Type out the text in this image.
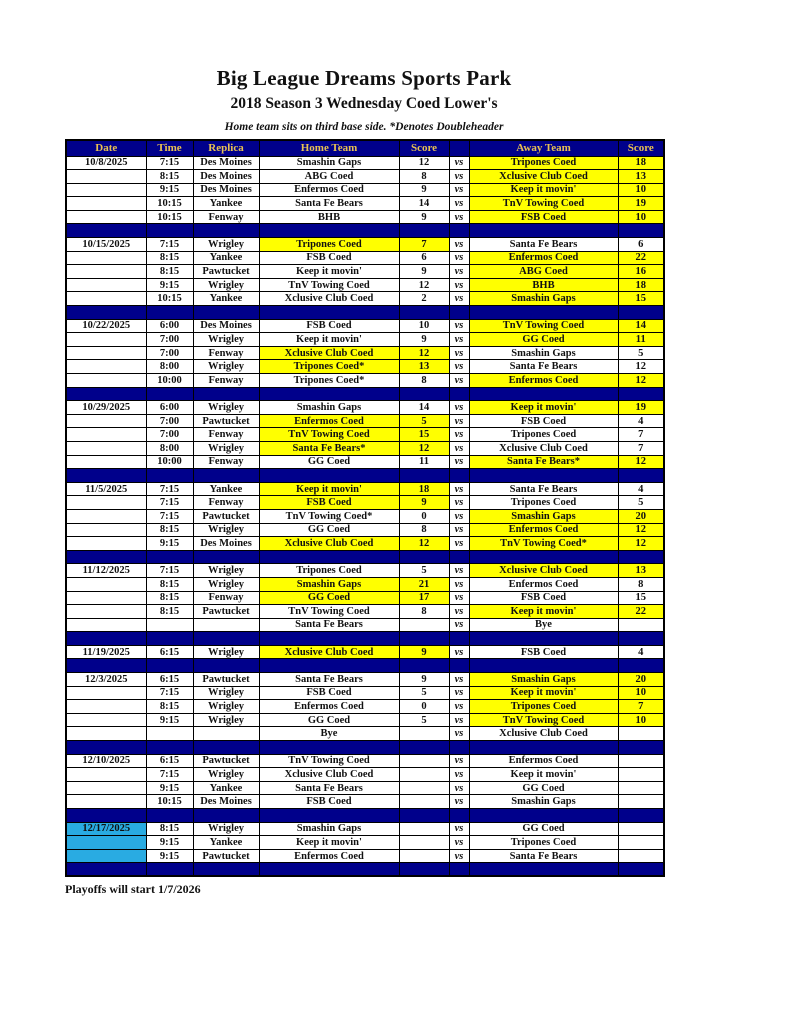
Big League Dreams Sports Park
2018 Season 3 Wednesday Coed Lower's
Home team sits on third base side. *Denotes Doubleheader
Date	Time	Replica	Home Team	Score		Away Team	Score
10/8/2025	7:15	Des Moines	Smashin Gaps	12	vs	Tripones Coed	18
	8:15	Des Moines	ABG Coed	8	vs	Xclusive Club Coed	13
	9:15	Des Moines	Enfermos Coed	9	vs	Keep it movin'	10
	10:15	Yankee	Santa Fe Bears	14	vs	TnV Towing Coed	19
	10:15	Fenway	BHB	9	vs	FSB Coed	10

10/15/2025	7:15	Wrigley	Tripones Coed	7	vs	Santa Fe Bears	6
	8:15	Yankee	FSB Coed	6	vs	Enfermos Coed	22
	8:15	Pawtucket	Keep it movin'	9	vs	ABG Coed	16
	9:15	Wrigley	TnV Towing Coed	12	vs	BHB	18
	10:15	Yankee	Xclusive Club Coed	2	vs	Smashin Gaps	15

10/22/2025	6:00	Des Moines	FSB Coed	10	vs	TnV Towing Coed	14
	7:00	Wrigley	Keep it movin'	9	vs	GG Coed	11
	7:00	Fenway	Xclusive Club Coed	12	vs	Smashin Gaps	5
	8:00	Wrigley	Tripones Coed*	13	vs	Santa Fe Bears	12
	10:00	Fenway	Tripones Coed*	8	vs	Enfermos Coed	12

10/29/2025	6:00	Wrigley	Smashin Gaps	14	vs	Keep it movin'	19
	7:00	Pawtucket	Enfermos Coed	5	vs	FSB Coed	4
	7:00	Fenway	TnV Towing Coed	15	vs	Tripones Coed	7
	8:00	Wrigley	Santa Fe Bears*	12	vs	Xclusive Club Coed	7
	10:00	Fenway	GG Coed	11	vs	Santa Fe Bears*	12

11/5/2025	7:15	Yankee	Keep it movin'	18	vs	Santa Fe Bears	4
	7:15	Fenway	FSB Coed	9	vs	Tripones Coed	5
	7:15	Pawtucket	TnV Towing Coed*	0	vs	Smashin Gaps	20
	8:15	Wrigley	GG Coed	8	vs	Enfermos Coed	12
	9:15	Des Moines	Xclusive Club Coed	12	vs	TnV Towing Coed*	12

11/12/2025	7:15	Wrigley	Tripones Coed	5	vs	Xclusive Club Coed	13
	8:15	Wrigley	Smashin Gaps	21	vs	Enfermos Coed	8
	8:15	Fenway	GG Coed	17	vs	FSB Coed	15
	8:15	Pawtucket	TnV Towing Coed	8	vs	Keep it movin'	22
			Santa Fe Bears		vs	Bye	

11/19/2025	6:15	Wrigley	Xclusive Club Coed	9	vs	FSB Coed	4

12/3/2025	6:15	Pawtucket	Santa Fe Bears	9	vs	Smashin Gaps	20
	7:15	Wrigley	FSB Coed	5	vs	Keep it movin'	10
	8:15	Wrigley	Enfermos Coed	0	vs	Tripones Coed	7
	9:15	Wrigley	GG Coed	5	vs	TnV Towing Coed	10
			Bye		vs	Xclusive Club Coed	

12/10/2025	6:15	Pawtucket	TnV Towing Coed		vs	Enfermos Coed	
	7:15	Wrigley	Xclusive Club Coed		vs	Keep it movin'	
	9:15	Yankee	Santa Fe Bears		vs	GG Coed	
	10:15	Des Moines	FSB Coed		vs	Smashin Gaps	

12/17/2025	8:15	Wrigley	Smashin Gaps		vs	GG Coed	
	9:15	Yankee	Keep it movin'		vs	Tripones Coed	
	9:15	Pawtucket	Enfermos Coed		vs	Santa Fe Bears	

Playoffs will start 1/7/2026
